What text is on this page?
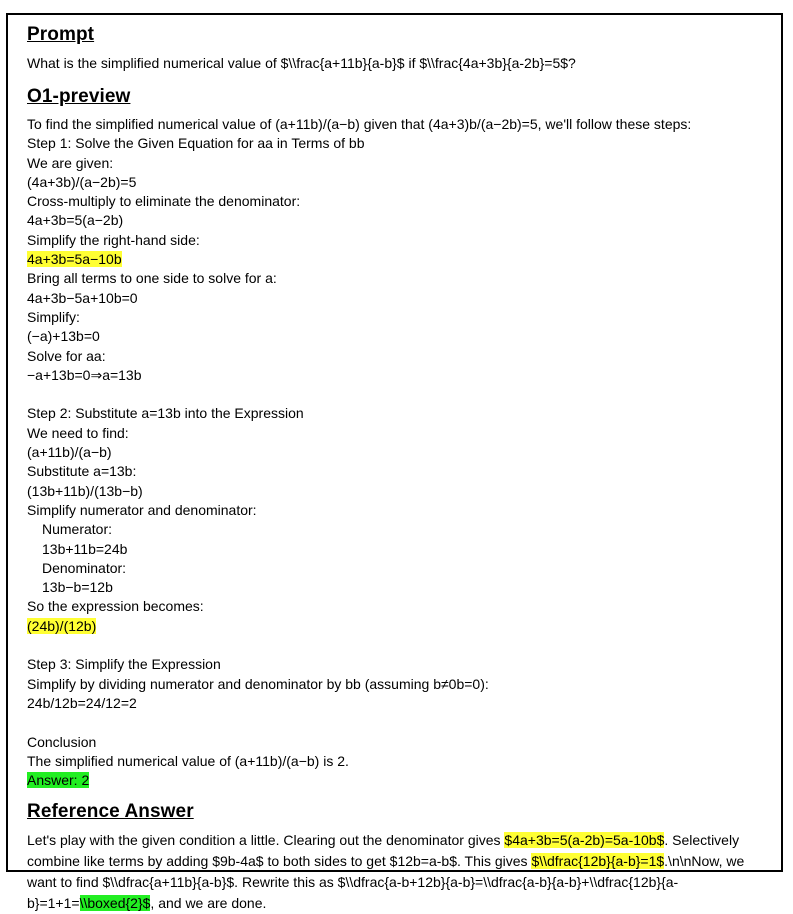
Prompt

What is the simplified numerical value of $\\frac{a+11b}{a-b}$ if $\\frac{4a+3b}{a-2b}=5$?

O1-preview
To find the simplified numerical value of (a+11b)/(a−b) given that (4a+3)b/(a−2b)=5, we'll follow these steps:
Step 1: Solve the Given Equation for aa in Terms of bb
We are given:
(4a+3b)/(a−2b)=5
Cross-multiply to eliminate the denominator:
4a+3b=5(a−2b)
Simplify the right-hand side:
4a+3b=5a−10b
Bring all terms to one side to solve for a:
4a+3b−5a+10b=0
Simplify:
(−a)+13b=0
Solve for aa:
−a+13b=0⇒a=13b
Step 2: Substitute a=13b into the Expression
We need to find:
(a+11b)/(a−b)
Substitute a=13b:
(13b+11b)/(13b−b)
Simplify numerator and denominator:
Numerator:
13b+11b=24b
Denominator:
13b−b=12b
So the expression becomes:
(24b)/(12b)
Step 3: Simplify the Expression
Simplify by dividing numerator and denominator by bb (assuming b≠0b=0):
24b/12b=24/12=2
Conclusion
The simplified numerical value of (a+11b)/(a−b) is 2.
Answer: 2
Reference Answer

Let's play with the given condition a little. Clearing out the denominator gives $4a+3b=5(a-2b)=5a-10b$. Selectively combine like terms by adding $9b-4a$ to both sides to get $12b=a-b$. This gives $\\dfrac{12b}{a-b}=1$.\n\nNow, we want to find $\\dfrac{a+11b}{a-b}$. Rewrite this as $\\dfrac{a-b+12b}{a-b}=\\dfrac{a-b}{a-b}+\\dfrac{12b}{a-b}=1+1=\\boxed{2}$, and we are done.
